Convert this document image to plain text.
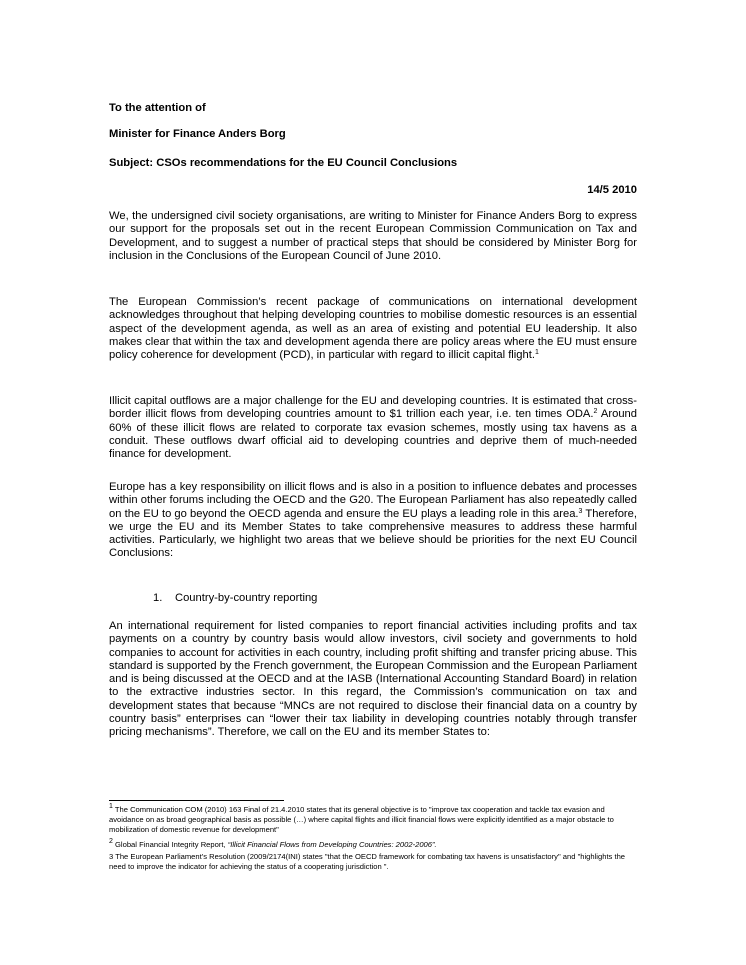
To the attention of

Minister for Finance Anders Borg

Subject: CSOs recommendations for the EU Council Conclusions

14/5 2010

We, the undersigned civil society organisations, are writing to Minister for Finance Anders Borg to express our support for the proposals set out in the recent European Commission Communication on Tax and Development, and to suggest a number of practical steps that should be considered by Minister Borg for inclusion in the Conclusions of the European Council of June 2010.

The European Commission’s recent package of communications on international development acknowledges throughout that helping developing countries to mobilise domestic resources is an essential aspect of the development agenda, as well as an area of existing and potential EU leadership. It also makes clear that within the tax and development agenda there are policy areas where the EU must ensure policy coherence for development (PCD), in particular with regard to illicit capital flight.$^1$

Illicit capital outflows are a major challenge for the EU and developing countries. It is estimated that cross-border illicit flows from developing countries amount to $1 trillion each year, i.e. ten times ODA.$^2$ Around 60% of these illicit flows are related to corporate tax evasion schemes, mostly using tax havens as a conduit. These outflows dwarf official aid to developing countries and deprive them of much-needed finance for development.

Europe has a key responsibility on illicit flows and is also in a position to influence debates and processes within other forums including the OECD and the G20. The European Parliament has also repeatedly called on the EU to go beyond the OECD agenda and ensure the EU plays a leading role in this area.$^3$ Therefore, we urge the EU and its Member States to take comprehensive measures to address these harmful activities. Particularly, we highlight two areas that we believe should be priorities for the next EU Council Conclusions:

1. Country-by-country reporting

An international requirement for listed companies to report financial activities including profits and tax payments on a country by country basis would allow investors, civil society and governments to hold companies to account for activities in each country, including profit shifting and transfer pricing abuse. This standard is supported by the French government, the European Commission and the European Parliament and is being discussed at the OECD and at the IASB (International Accounting Standard Board) in relation to the extractive industries sector. In this regard, the Commission’s communication on tax and development states that because “MNCs are not required to disclose their financial data on a country by country basis” enterprises can “lower their tax liability in developing countries notably through transfer pricing mechanisms”. Therefore, we call on the EU and its member States to:

$^1$ The Communication COM (2010) 163 Final of 21.4.2010 states that its general objective is to "improve tax cooperation and tackle tax evasion and avoidance on as broad geographical basis as possible (…) where capital flights and illicit financial flows were explicitly identified as a major obstacle to mobilization of domestic revenue for development"

$^2$ Global Financial Integrity Report, “Illicit Financial Flows from Developing Countries: 2002-2006”.

3 The European Parliament’s Resolution (2009/2174(INI) states "that the OECD framework for combating tax havens is unsatisfactory" and "highlights the need to improve the indicator for achieving the status of a cooperating jurisdiction ".
